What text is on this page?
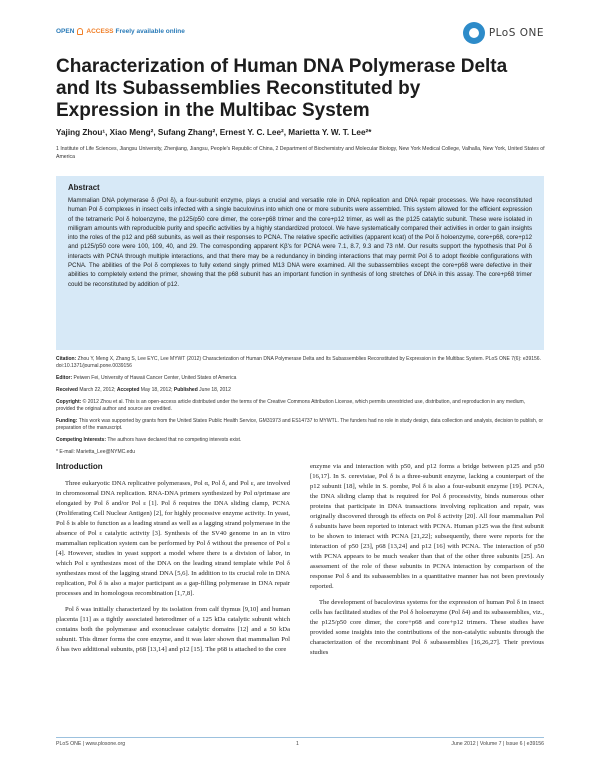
OPEN ACCESS Freely available online	PLoS ONE
Characterization of Human DNA Polymerase Delta and Its Subassemblies Reconstituted by Expression in the Multibac System
Yajing Zhou¹, Xiao Meng², Sufang Zhang², Ernest Y. C. Lee², Marietta Y. W. T. Lee²*
1 Institute of Life Sciences, Jiangsu University, Zhenjiang, Jiangsu, People's Republic of China, 2 Department of Biochemistry and Molecular Biology, New York Medical College, Valhalla, New York, United States of America
Abstract

Mammalian DNA polymerase δ (Pol δ), a four-subunit enzyme, plays a crucial and versatile role in DNA replication and DNA repair processes. We have reconstituted human Pol δ complexes in insect cells infected with a single baculovirus into which one or more subunits were assembled. This system allowed for the efficient expression of the tetrameric Pol δ holoenzyme, the p125/p50 core dimer, the core+p68 trimer and the core+p12 trimer, as well as the p125 catalytic subunit. These were isolated in milligram amounts with reproducible purity and specific activities by a highly standardized protocol. We have systematically compared their activities in order to gain insights into the roles of the p12 and p68 subunits, as well as their responses to PCNA. The relative specific activities (apparent kcat) of the Pol δ holoenzyme, core+p68, core+p12 and p125/p50 core were 100, 109, 40, and 29. The corresponding apparent Kβ's for PCNA were 7.1, 8.7, 9.3 and 73 nM. Our results support the hypothesis that Pol δ interacts with PCNA through multiple interactions, and that there may be a redundancy in binding interactions that may permit Pol δ to adopt flexible configurations with PCNA. The abilities of the Pol δ complexes to fully extend singly primed M13 DNA were examined. All the subassemblies except the core+p68 were defective in their abilities to completely extend the primer, showing that the p68 subunit has an important function in synthesis of long stretches of DNA in this assay. The core+p68 trimer could be reconstituted by addition of p12.

Citation: Zhou Y, Meng X, Zhang S, Lee EYC, Lee MYWT (2012) Characterization of Human DNA Polymerase Delta and Its Subassemblies Reconstituted by Expression in the Multibac System. PLoS ONE 7(6): e39156. doi:10.1371/journal.pone.0039156

Editor: Peiwen Fei, University of Hawaii Cancer Center, United States of America

Received March 22, 2012; Accepted May 18, 2012; Published June 18, 2012

Copyright: © 2012 Zhou et al. This is an open-access article distributed under the terms of the Creative Commons Attribution License, which permits unrestricted use, distribution, and reproduction in any medium, provided the original author and source are credited.

Funding: This work was supported by grants from the United States Public Health Service, GM31973 and ES14737 to MYWTL. The funders had no role in study design, data collection and analysis, decision to publish, or preparation of the manuscript.

Competing Interests: The authors have declared that no competing interests exist.

* E-mail: Marietta_Lee@NYMC.edu

Introduction

Three eukaryotic DNA replicative polymerases, Pol α, Pol δ, and Pol ε, are involved in chromosomal DNA replication. RNA-DNA primers synthesized by Pol α/primase are elongated by Pol δ and/or Pol ε [1]. Pol δ requires the DNA sliding clamp, PCNA (Proliferating Cell Nuclear Antigen) [2], for highly processive enzyme activity. In yeast, Pol δ is able to function as a leading strand as well as a lagging strand polymerase in the absence of Pol ε catalytic activity [3]. Synthesis of the SV40 genome in an in vitro mammalian replication system can be performed by Pol δ without the presence of Pol ε [4]. However, studies in yeast support a model where there is a division of labor, in which Pol ε synthesizes most of the DNA on the leading strand template while Pol δ synthesizes most of the lagging strand DNA [5,6]. In addition to its crucial role in DNA replication, Pol δ is also a major participant as a gap-filling polymerase in DNA repair processes and in homologous recombination [1,7,8].

Pol δ was initially characterized by its isolation from calf thymus [9,10] and human placenta [11] as a tightly associated heterodimer of a 125 kDa catalytic subunit which contains both the polymerase and exonuclease catalytic domains [12] and a 50 kDa subunit. This dimer forms the core enzyme, and it was later shown that mammalian Pol δ has two additional subunits, p68 [13,14] and p12 [15]. The p68 is attached to the core

enzyme via and interaction with p50, and p12 forms a bridge between p125 and p50 [16,17]. In S. cerevisiae, Pol δ is a three-subunit enzyme, lacking a counterpart of the p12 subunit [18], while in S. pombe, Pol δ is also a four-subunit enzyme [19]. PCNA, the DNA sliding clamp that is required for Pol δ processivity, binds numerous other proteins that participate in DNA transactions involving replication and repair, was originally discovered through its effects on Pol δ activity [20]. All four mammalian Pol δ subunits have been reported to interact with PCNA. Human p125 was the first subunit to be shown to interact with PCNA [21,22]; subsequently, there were reports for the interaction of p50 [23], p68 [13,24] and p12 [16] with PCNA. The interaction of p50 with PCNA appears to be much weaker than that of the other three subunits [25]. An assessment of the role of these subunits in PCNA interaction by comparison of the response Pol δ and its subassemblies in a quantitative manner has not been previously reported.

The development of baculovirus systems for the expression of human Pol δ in insect cells has facilitated studies of the Pol δ holoenzyme (Pol δ4) and its subassemblies, viz., the p125/p50 core dimer, the core+p68 and core+p12 trimers. These studies have provided some insights into the contributions of the non-catalytic subunits through the characterization of the recombinant Pol δ subassemblies [16,26,27]. Their previous studies

PLoS ONE | www.plosone.org	1	June 2012 | Volume 7 | Issue 6 | e39156
